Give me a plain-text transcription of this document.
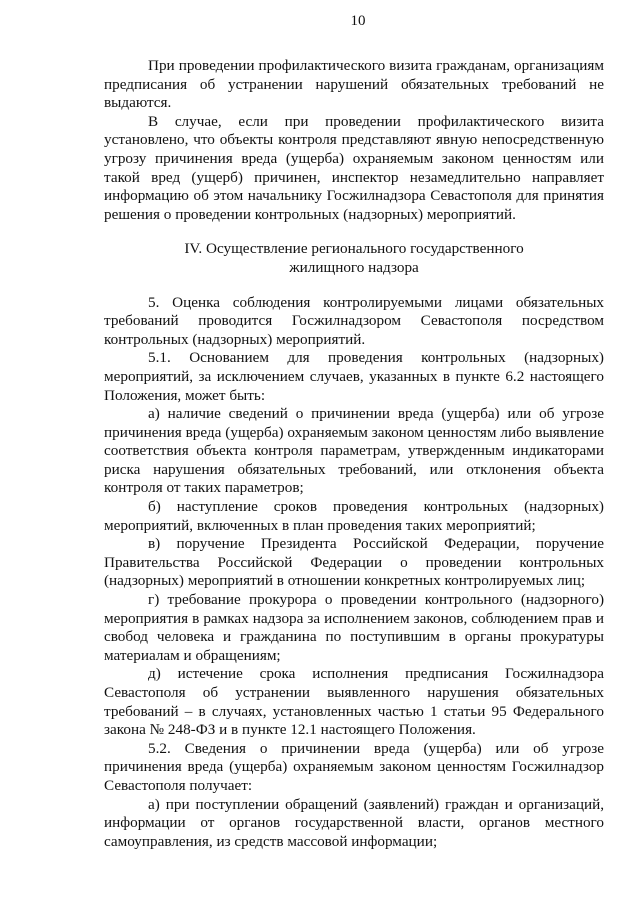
10

При проведении профилактического визита гражданам, организациям предписания об устранении нарушений обязательных требований не выдаются.

В случае, если при проведении профилактического визита установлено, что объекты контроля представляют явную непосредственную угрозу причинения вреда (ущерба) охраняемым законом ценностям или такой вред (ущерб) причинен, инспектор незамедлительно направляет информацию об этом начальнику Госжилнадзора Севастополя для принятия решения о проведении контрольных (надзорных) мероприятий.

IV. Осуществление регионального государственного
жилищного надзора

5. Оценка соблюдения контролируемыми лицами обязательных требований проводится Госжилнадзором Севастополя посредством контрольных (надзорных) мероприятий.

5.1. Основанием для проведения контрольных (надзорных) мероприятий, за исключением случаев, указанных в пункте 6.2 настоящего Положения, может быть:

а) наличие сведений о причинении вреда (ущерба) или об угрозе причинения вреда (ущерба) охраняемым законом ценностям либо выявление соответствия объекта контроля параметрам, утвержденным индикаторами риска нарушения обязательных требований, или отклонения объекта контроля от таких параметров;

б) наступление сроков проведения контрольных (надзорных) мероприятий, включенных в план проведения таких мероприятий;

в) поручение Президента Российской Федерации, поручение Правительства Российской Федерации о проведении контрольных (надзорных) мероприятий в отношении конкретных контролируемых лиц;

г) требование прокурора о проведении контрольного (надзорного) мероприятия в рамках надзора за исполнением законов, соблюдением прав и свобод человека и гражданина по поступившим в органы прокуратуры материалам и обращениям;

д) истечение срока исполнения предписания Госжилнадзора Севастополя об устранении выявленного нарушения обязательных требований – в случаях, установленных частью 1 статьи 95 Федерального закона № 248-ФЗ и в пункте 12.1 настоящего Положения.

5.2. Сведения о причинении вреда (ущерба) или об угрозе причинения вреда (ущерба) охраняемым законом ценностям Госжилнадзор Севастополя получает:

а) при поступлении обращений (заявлений) граждан и организаций, информации от органов государственной власти, органов местного самоуправления, из средств массовой информации;
